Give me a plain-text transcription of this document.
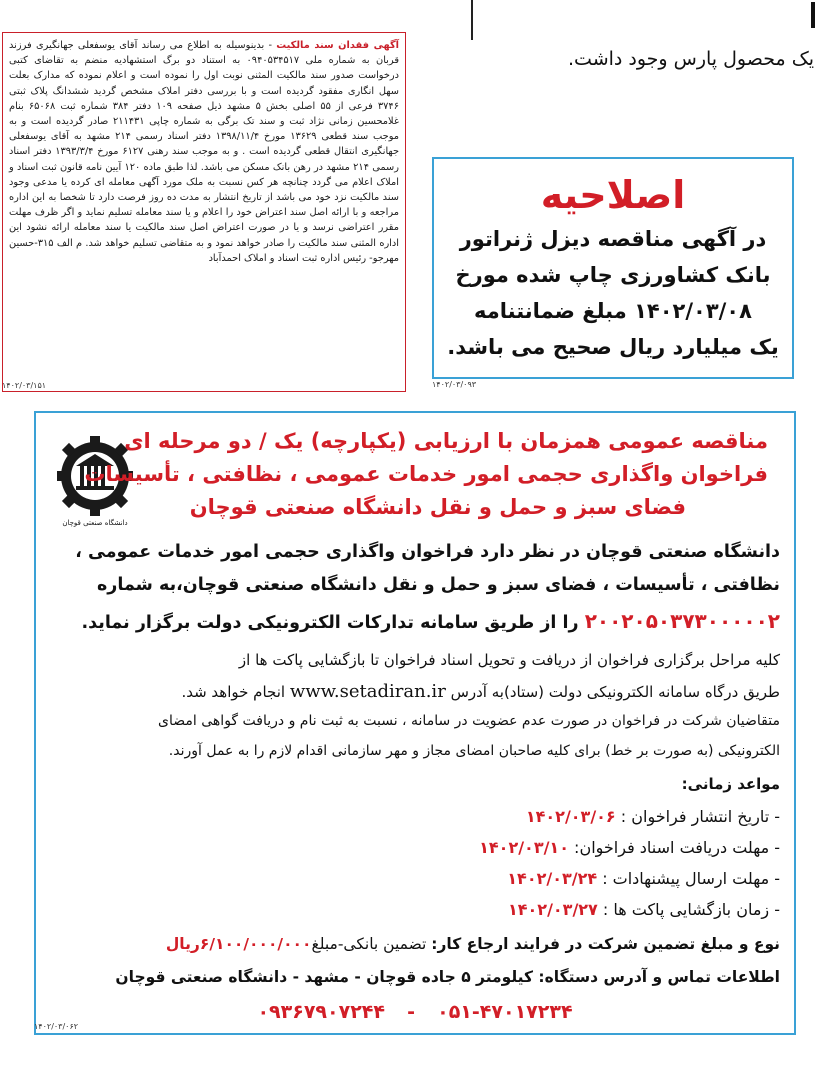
یک محصول پارس وجود داشت.
آگهی فقدان سند مالکیت - بدینوسیله به اطلاع می رساند آقای یوسفعلی جهانگیری فرزند قربان به شماره ملی ۰۹۴۰۵۳۴۵۱۷ به استناد دو برگ استشهادیه منضم به تقاضای کتبی درخواست صدور سند مالکیت المثنی نوبت اول را نموده است و اعلام نموده که مدارک بعلت سهل انگاری مفقود گردیده است و با بررسی دفتر املاک مشخص گردید ششدانگ پلاک ثبتی ۳۷۴۶ فرعی از ۵۵ اصلی بخش ۵ مشهد ذیل صفحه ۱۰۹ دفتر ۳۸۴ شماره ثبت ۶۵۰۶۸ بنام غلامحسین زمانی نژاد ثبت و سند تک برگی به شماره چاپی ۲۱۱۴۳۱ صادر گردیده است و به موجب سند قطعی ۱۳۶۲۹ مورخ ۱۳۹۸/۱۱/۴ دفتر اسناد رسمی ۲۱۴ مشهد به آقای یوسفعلی جهانگیری انتقال قطعی گردیده است . و به موجب سند رهنی ۶۱۲۷ مورخ ۱۳۹۳/۳/۴ دفتر اسناد رسمی ۲۱۴ مشهد در رهن بانک مسکن می باشد. لذا طبق ماده ۱۲۰ آیین نامه قانون ثبت اسناد و املاک اعلام می گردد چنانچه هر کس نسبت به ملک مورد آگهی معامله ای کرده یا مدعی وجود سند مالکیت نزد خود می باشد از تاریخ انتشار به مدت ده روز فرصت دارد تا شخصا به این اداره مراجعه و با ارائه اصل سند اعتراض خود را اعلام و یا سند معامله تسلیم نماید و اگر ظرف مهلت مقرر اعتراضی نرسد و یا در صورت اعتراض اصل سند مالکیت یا سند معامله ارائه نشود این اداره المثنی سند مالکیت را صادر خواهد نمود و به متقاضی تسلیم خواهد شد. م الف ۳۱۵-حسین مهرجو- رئیس اداره ثبت اسناد و املاک احمدآباد
۱۴۰۲/۰۳/۱۵۱
اصلاحیه
در آگهی مناقصه دیزل ژنراتور
بانک کشاورزی چاپ شده مورخ
۱۴۰۲/۰۳/۰۸ مبلغ ضمانتنامه
یک میلیارد ریال صحیح می باشد.
۱۴۰۲/۰۳/۰۹۳
دانشگاه صنعتی قوچان
مناقصه عمومی همزمان با ارزیابی (یکپارچه) یک / دو مرحله ای
فراخوان واگذاری حجمی امور خدمات عمومی ، نظافتی ، تأسیسات
فضای سبز و حمل و نقل دانشگاه صنعتی قوچان
دانشگاه صنعتی قوچان در نظر دارد فراخوان واگذاری حجمی امور خدمات عمومی ،
نظافتی ، تأسیسات ، فضای سبز و حمل و نقل دانشگاه صنعتی قوچان،به شماره
۲۰۰۲۰۵۰۳۷۳۰۰۰۰۰۲ را از طریق سامانه تدارکات الکترونیکی دولت برگزار نماید.
کلیه مراحل برگزاری فراخوان از دریافت و تحویل اسناد فراخوان تا بازگشایی پاکت ها از
طریق درگاه سامانه الکترونیکی دولت (ستاد)به آدرس www.setadiran.ir انجام خواهد شد.
متقاضیان شرکت در فراخوان در صورت عدم عضویت در سامانه ، نسبت به ثبت نام و دریافت گواهی امضای
الکترونیکی (به صورت بر خط) برای کلیه صاحبان امضای مجاز و مهر سازمانی اقدام لازم را به عمل آورند.
مواعد زمانی:
- تاریخ انتشار فراخوان : ۱۴۰۲/۰۳/۰۶
- مهلت دریافت اسناد فراخوان: ۱۴۰۲/۰۳/۱۰
- مهلت ارسال پیشنهادات : ۱۴۰۲/۰۳/۲۴
- زمان بازگشایی پاکت ها : ۱۴۰۲/۰۳/۲۷
نوع و مبلغ تضمین شرکت در فرایند ارجاع کار: تضمین بانکی-مبلغ۶/۱۰۰/۰۰۰/۰۰۰ریال
اطلاعات تماس و آدرس دستگاه: کیلومتر ۵ جاده قوچان - مشهد - دانشگاه صنعتی قوچان
۰۹۳۶۷۹۰۷۲۴۴ - ۰۵۱-۴۷۰۱۷۲۳۴
۱۴۰۲/۰۳/۰۶۲
